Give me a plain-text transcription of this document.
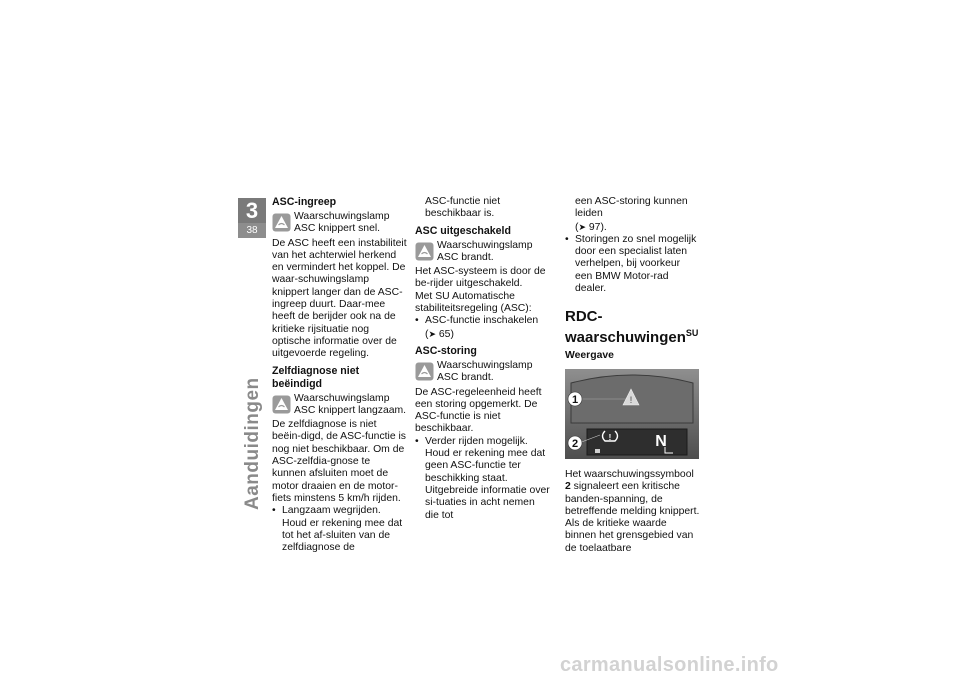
3
38
Aanduidingen
ASC-ingreep
Waarschuwingslamp ASC knippert snel.

De ASC heeft een instabiliteit van het achterwiel herkend en vermindert het koppel. De waar-schuwingslamp knippert langer dan de ASC-ingreep duurt. Daar-mee heeft de berijder ook na de kritieke rijsituatie nog optische informatie over de uitgevoerde regeling.

Zelfdiagnose niet beëindigd
Waarschuwingslamp ASC knippert langzaam.

De zelfdiagnose is niet beëin-digd, de ASC-functie is nog niet beschikbaar. Om de ASC-zelfdia-gnose te kunnen afsluiten moet de motor draaien en de motor-fiets minstens 5 km/h rijden.

• Langzaam wegrijden. Houd er rekening mee dat tot het af-sluiten van de zelfdiagnose de

ASC-functie niet beschikbaar is.

ASC uitgeschakeld
Waarschuwingslamp ASC brandt.

Het ASC-systeem is door de be-rijder uitgeschakeld.

Met SU Automatische stabiliteitsregeling (ASC):

• ASC-functie inschakelen
(➤ 65)
ASC-storing
Waarschuwingslamp ASC brandt.

De ASC-regeleenheid heeft een storing opgemerkt. De ASC-functie is niet beschikbaar.

• Verder rijden mogelijk. Houd er rekening mee dat geen ASC-functie ter beschikking staat. Uitgebreide informatie over si-tuaties in acht nemen die tot

een ASC-storing kunnen leiden
(➤ 97).

• Storingen zo snel mogelijk door een specialist laten verhelpen, bij voorkeur een BMW Motor-rad dealer.
RDC-
waarschuwingen$^{SU}$
Weergave
!
!	N
1
2

Het waarschuwingssymbool 2 signaleert een kritische banden-spanning, de betreffende melding knippert.

Als de kritieke waarde binnen het grensgebied van de toelaatbare

carmanualsonline.info
